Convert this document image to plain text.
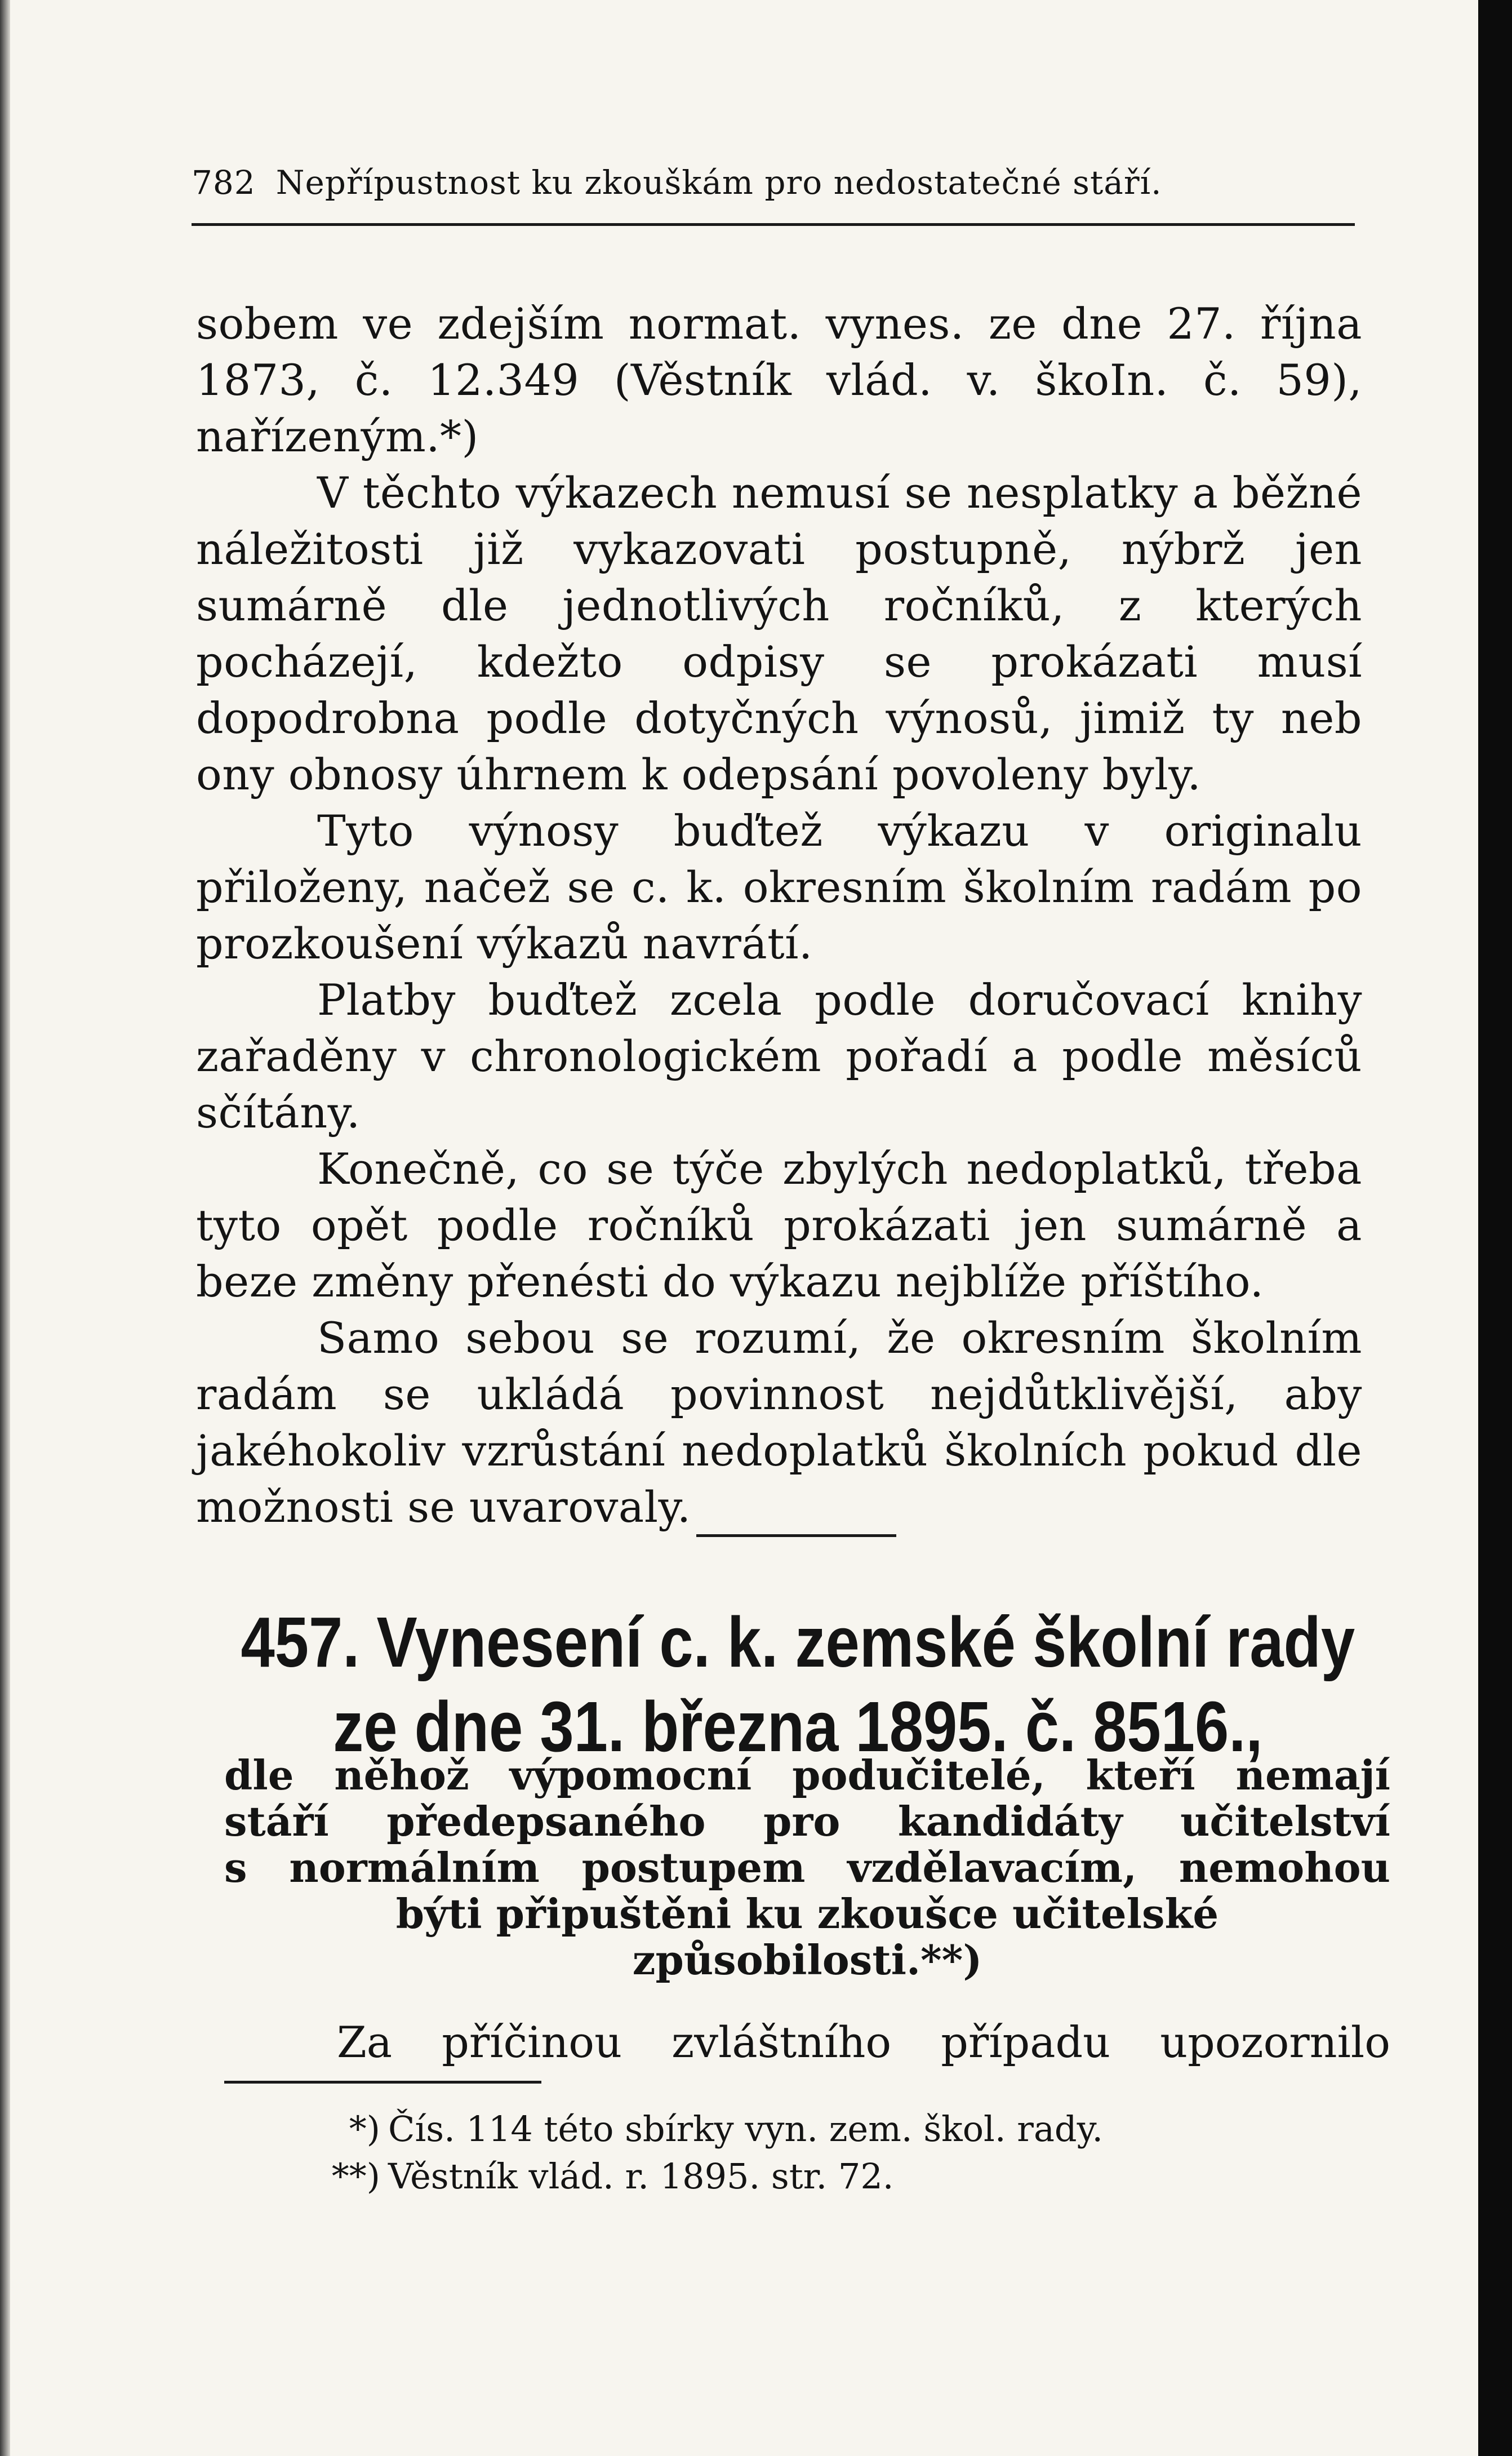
782 Nepřípustnost ku zkouškám pro nedostatečné stáří.

sobem ve zdejším normat. vynes. ze dne 27. října 1873, č. 12.349 (Věstník vlád. v. škoIn. č. 59), nařízeným.*)

V těchto výkazech nemusí se nesplatky a běžné náležitosti již vykazovati postupně, nýbrž jen sumárně dle jednotlivých ročníků, z kterých pocházejí, kdežto odpisy se prokázati musí dopodrobna podle dotyčných výnosů, jimiž ty neb ony obnosy úhrnem k odepsání povoleny byly.

Tyto výnosy buďtež výkazu v originalu přiloženy, načež se c. k. okresním školním radám po prozkoušení výkazů navrátí.

Platby buďtež zcela podle doručovací knihy zařaděny v chronologickém pořadí a podle měsíců sčítány.

Konečně, co se týče zbylých nedoplatků, třeba tyto opět podle ročníků prokázati jen sumárně a beze změny přenésti do výkazu nejblíže příštího.

Samo sebou se rozumí, že okresním školním radám se ukládá povinnost nejdůtklivější, aby jakéhokoliv vzrůstání nedoplatků školních pokud dle možnosti se uvarovaly.

457. Vynesení c. k. zemské školní rady
ze dne 31. března 1895. č. 8516.,
dle něhož výpomocní podučitelé, kteří nemají
stáří předepsaného pro kandidáty učitelství
s normálním postupem vzdělavacím, nemohou
býti připuštěni ku zkoušce učitelské
způsobilosti.**)
Za příčinou zvláštního případu upozornilo
*) Čís. 114 této sbírky vyn. zem. škol. rady.
**) Věstník vlád. r. 1895. str. 72.
